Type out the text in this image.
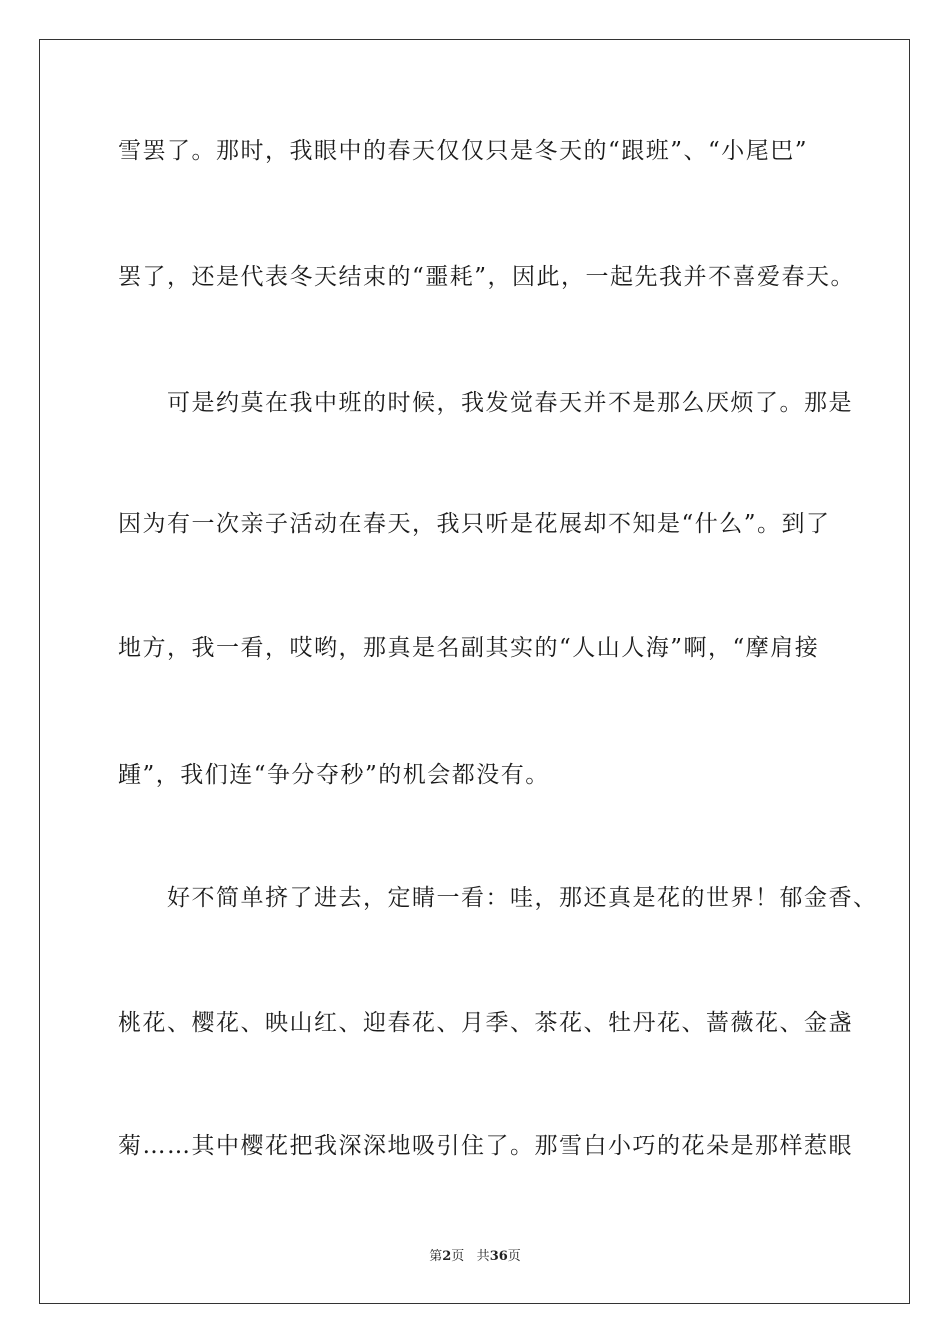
雪罢了。那时，我眼中的春天仅仅只是冬天的“跟班”、“小尾巴”
罢了，还是代表冬天结束的“噩耗”，因此，一起先我并不喜爱春天。
　　可是约莫在我中班的时候，我发觉春天并不是那么厌烦了。那是
因为有一次亲子活动在春天，我只听是花展却不知是“什么”。到了
地方，我一看，哎哟，那真是名副其实的“人山人海”啊，“摩肩接
踵”，我们连“争分夺秒”的机会都没有。
　　好不简单挤了进去，定睛一看：哇，那还真是花的世界！郁金香、
桃花、樱花、映山红、迎春花、月季、茶花、牡丹花、蔷薇花、金盏
菊……其中樱花把我深深地吸引住了。那雪白小巧的花朵是那样惹眼
第2页 共36页
